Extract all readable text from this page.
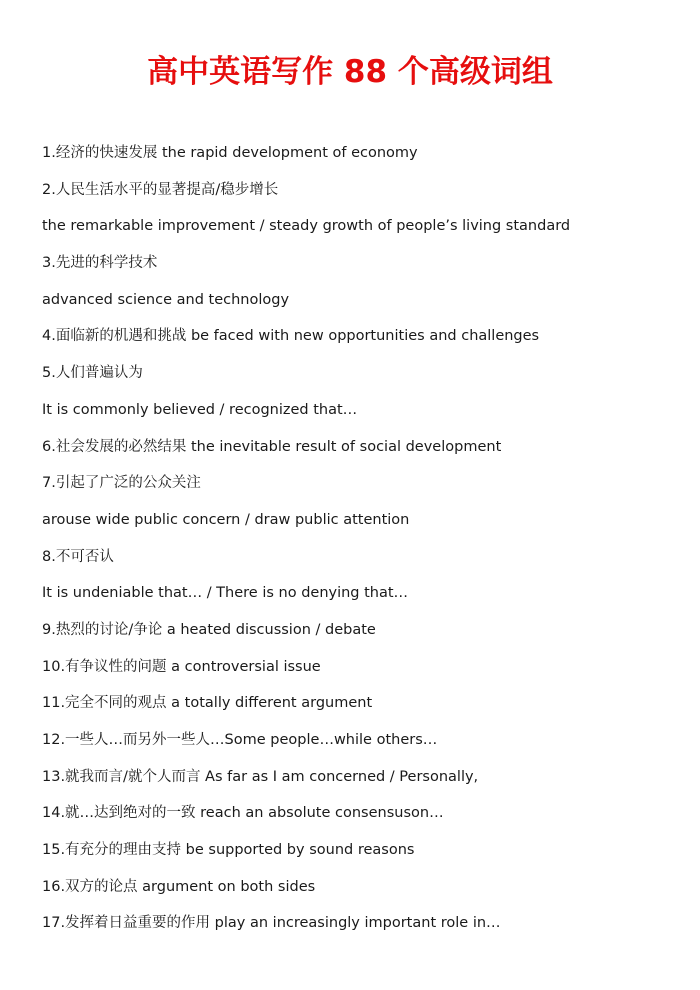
高中英语写作 88 个高级词组
1.经济的快速发展 the rapid development of economy
2.人民生活水平的显著提高/稳步增长
the remarkable improvement / steady growth of people’s living standard
3.先进的科学技术
advanced science and technology
4.面临新的机遇和挑战 be faced with new opportunities and challenges
5.人们普遍认为
It is commonly believed / recognized that…
6.社会发展的必然结果 the inevitable result of social development
7.引起了广泛的公众关注
arouse wide public concern / draw public attention
8.不可否认
It is undeniable that… / There is no denying that…
9.热烈的讨论/争论 a heated discussion / debate
10.有争议性的问题 a controversial issue
11.完全不同的观点 a totally different argument
12.一些人…而另外一些人…Some people…while others…
13.就我而言/就个人而言 As far as I am concerned / Personally,
14.就…达到绝对的一致 reach an absolute consensuson…
15.有充分的理由支持 be supported by sound reasons
16.双方的论点 argument on both sides
17.发挥着日益重要的作用 play an increasingly important role in…
